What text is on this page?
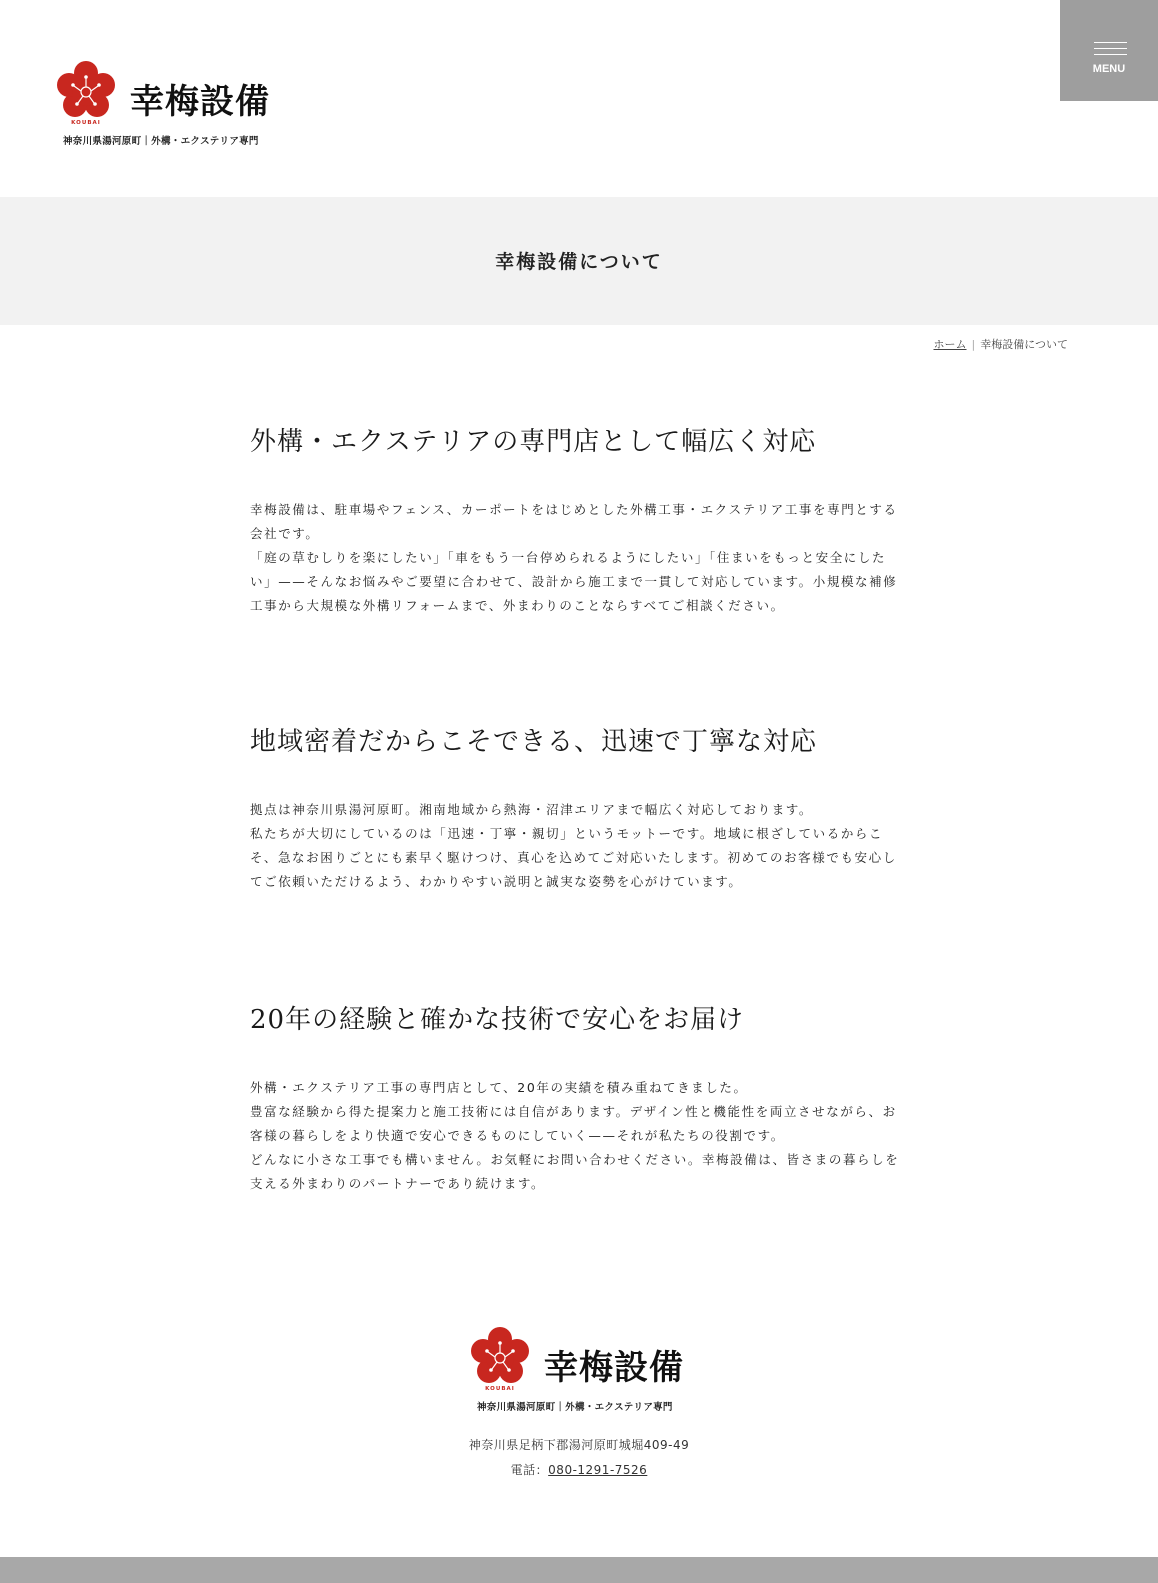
KOUBAI
幸梅設備
神奈川県湯河原町｜外構・エクステリア専門
MENU
幸梅設備について
ホーム | 幸梅設備について
外構・エクステリアの専門店として幅広く対応

幸梅設備は、駐車場やフェンス、カーポートをはじめとした外構工事・エクステリア工事を専門とする会社です。
「庭の草むしりを楽にしたい」「車をもう一台停められるようにしたい」「住まいをもっと安全にしたい」——そんなお悩みやご要望に合わせて、設計から施工まで一貫して対応しています。小規模な補修工事から大規模な外構リフォームまで、外まわりのことならすべてご相談ください。

地域密着だからこそできる、迅速で丁寧な対応

拠点は神奈川県湯河原町。湘南地域から熱海・沼津エリアまで幅広く対応しております。
私たちが大切にしているのは「迅速・丁寧・親切」というモットーです。地域に根ざしているからこそ、急なお困りごとにも素早く駆けつけ、真心を込めてご対応いたします。初めてのお客様でも安心してご依頼いただけるよう、わかりやすい説明と誠実な姿勢を心がけています。

20年の経験と確かな技術で安心をお届け

外構・エクステリア工事の専門店として、20年の実績を積み重ねてきました。
豊富な経験から得た提案力と施工技術には自信があります。デザイン性と機能性を両立させながら、お客様の暮らしをより快適で安心できるものにしていく——それが私たちの役割です。
どんなに小さな工事でも構いません。お気軽にお問い合わせください。幸梅設備は、皆さまの暮らしを支える外まわりのパートナーであり続けます。

KOUBAI
幸梅設備
神奈川県湯河原町｜外構・エクステリア専門
神奈川県足柄下郡湯河原町城堀409-49
電話：080-1291-7526
